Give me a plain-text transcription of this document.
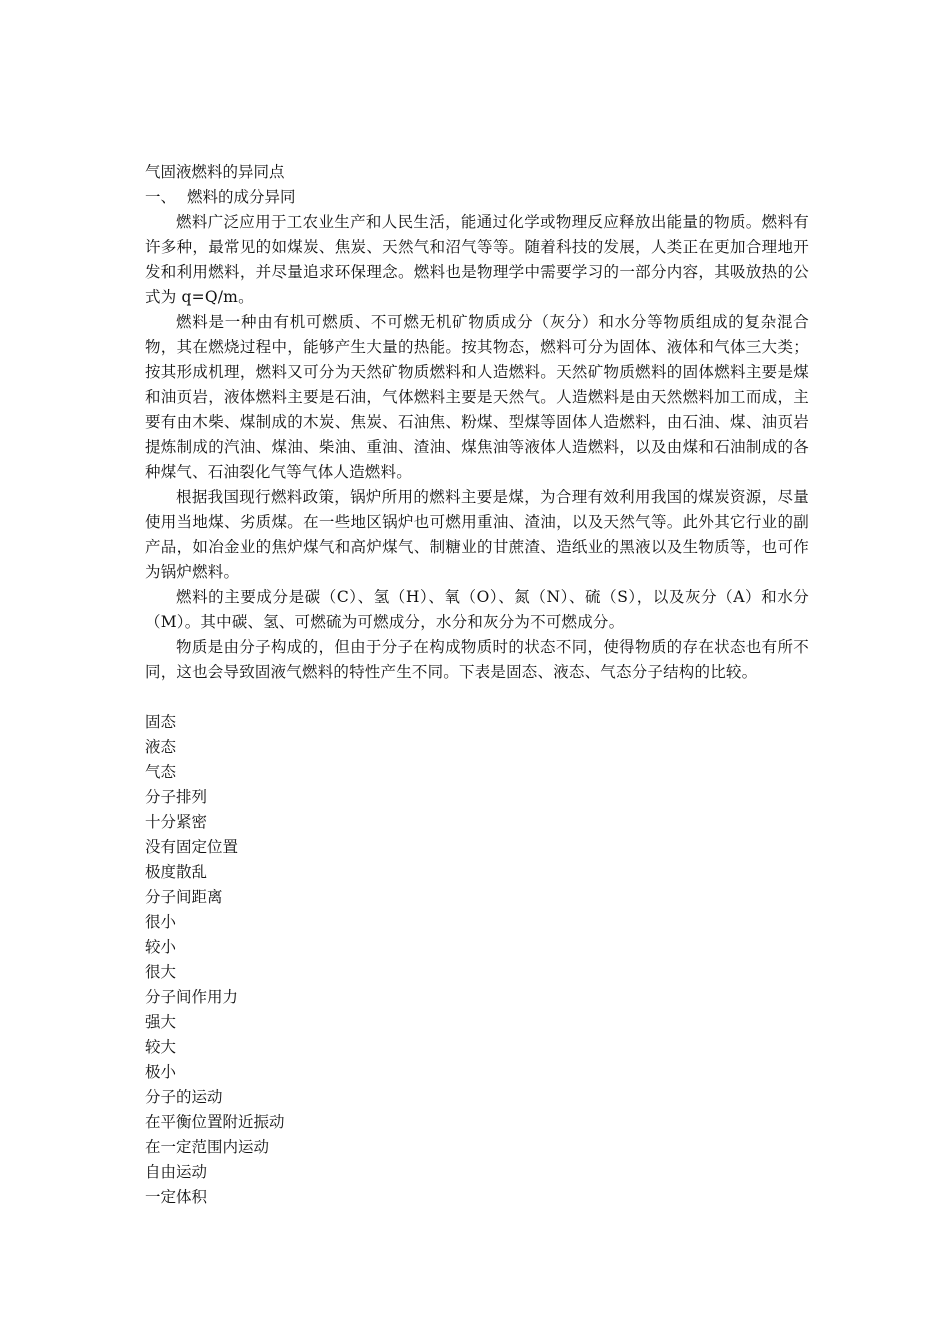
气固液燃料的异同点

一、 燃料的成分异同

燃料广泛应用于工农业生产和人民生活，能通过化学或物理反应释放出能量的物质。燃料有许多种，最常见的如煤炭、焦炭、天然气和沼气等等。随着科技的发展，人类正在更加合理地开发和利用燃料，并尽量追求环保理念。燃料也是物理学中需要学习的一部分内容，其吸放热的公式为 q=Q/m。

燃料是一种由有机可燃质、不可燃无机矿物质成分（灰分）和水分等物质组成的复杂混合物，其在燃烧过程中，能够产生大量的热能。按其物态，燃料可分为固体、液体和气体三大类；按其形成机理，燃料又可分为天然矿物质燃料和人造燃料。天然矿物质燃料的固体燃料主要是煤和油页岩，液体燃料主要是石油，气体燃料主要是天然气。人造燃料是由天然燃料加工而成，主要有由木柴、煤制成的木炭、焦炭、石油焦、粉煤、型煤等固体人造燃料，由石油、煤、油页岩提炼制成的汽油、煤油、柴油、重油、渣油、煤焦油等液体人造燃料，以及由煤和石油制成的各种煤气、石油裂化气等气体人造燃料。

根据我国现行燃料政策，锅炉所用的燃料主要是煤，为合理有效利用我国的煤炭资源，尽量使用当地煤、劣质煤。在一些地区锅炉也可燃用重油、渣油，以及天然气等。此外其它行业的副产品，如冶金业的焦炉煤气和高炉煤气、制糖业的甘蔗渣、造纸业的黑液以及生物质等，也可作为锅炉燃料。

燃料的主要成分是碳（C）、氢（H）、氧（O）、氮（N）、硫（S），以及灰分（A）和水分（M）。其中碳、氢、可燃硫为可燃成分，水分和灰分为不可燃成分。

物质是由分子构成的，但由于分子在构成物质时的状态不同，使得物质的存在状态也有所不同，这也会导致固液气燃料的特性产生不同。下表是固态、液态、气态分子结构的比较。

固态

液态

气态

分子排列

十分紧密

没有固定位置

极度散乱

分子间距离

很小

较小

很大

分子间作用力

强大

较大

极小

分子的运动

在平衡位置附近振动

在一定范围内运动

自由运动

一定体积
